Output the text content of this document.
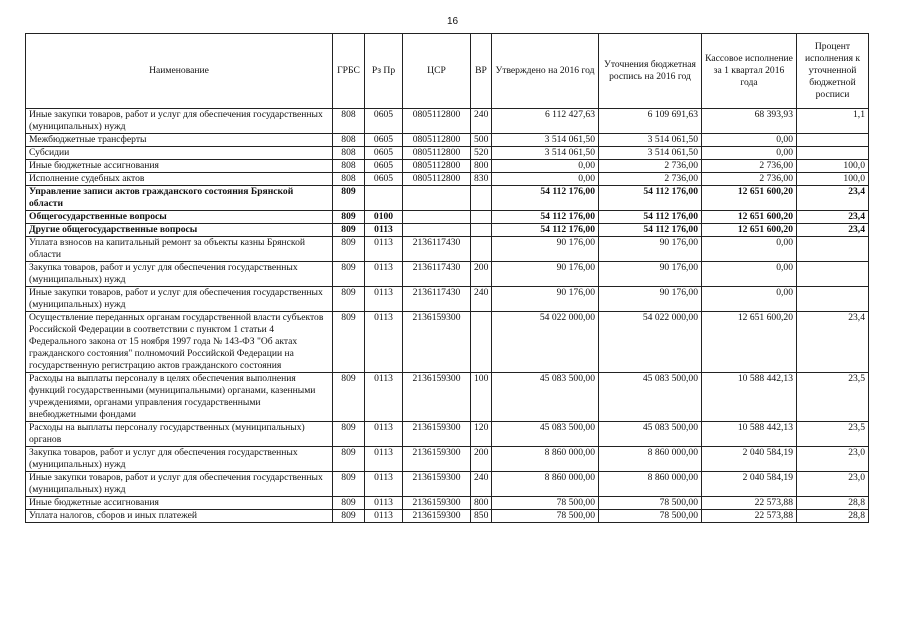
16
Наименование	ГРБС	Рз Пр	ЦСР	ВР	Утверждено на 2016 год	Уточнения бюджетная роспись на 2016 год	Кассовое исполнение за 1 квартал 2016 года	Процент исполнения к уточненной бюджетной росписи
Иные закупки товаров, работ и услуг для обеспечения государственных (муниципальных) нужд	808	0605	0805112800	240	6 112 427,63	6 109 691,63	68 393,93	1,1
Межбюджетные трансферты	808	0605	0805112800	500	3 514 061,50	3 514 061,50	0,00	
Субсидии	808	0605	0805112800	520	3 514 061,50	3 514 061,50	0,00	
Иные бюджетные ассигнования	808	0605	0805112800	800	0,00	2 736,00	2 736,00	100,0
Исполнение судебных актов	808	0605	0805112800	830	0,00	2 736,00	2 736,00	100,0
Управление записи актов гражданского состояния Брянской области	809				54 112 176,00	54 112 176,00	12 651 600,20	23,4
Общегосударственные вопросы	809	0100			54 112 176,00	54 112 176,00	12 651 600,20	23,4
Другие общегосударственные вопросы	809	0113			54 112 176,00	54 112 176,00	12 651 600,20	23,4
Уплата взносов на капитальный ремонт за объекты казны Брянской области	809	0113	2136117430		90 176,00	90 176,00	0,00	
Закупка товаров, работ и услуг для обеспечения государственных (муниципальных) нужд	809	0113	2136117430	200	90 176,00	90 176,00	0,00	
Иные закупки товаров, работ и услуг для обеспечения государственных (муниципальных) нужд	809	0113	2136117430	240	90 176,00	90 176,00	0,00	
Осуществление переданных органам государственной власти субъектов Российской Федерации в соответствии с пунктом 1 статьи 4 Федерального закона от 15 ноября 1997 года № 143-ФЗ "Об актах гражданского состояния" полномочий Российской Федерации на государственную регистрацию актов гражданского состояния	809	0113	2136159300		54 022 000,00	54 022 000,00	12 651 600,20	23,4
Расходы на выплаты персоналу в целях обеспечения выполнения функций государственными (муниципальными) органами, казенными учреждениями, органами управления государственными внебюджетными фондами	809	0113	2136159300	100	45 083 500,00	45 083 500,00	10 588 442,13	23,5
Расходы на выплаты персоналу государственных (муниципальных) органов	809	0113	2136159300	120	45 083 500,00	45 083 500,00	10 588 442,13	23,5
Закупка товаров, работ и услуг для обеспечения государственных (муниципальных) нужд	809	0113	2136159300	200	8 860 000,00	8 860 000,00	2 040 584,19	23,0
Иные закупки товаров, работ и услуг для обеспечения государственных (муниципальных) нужд	809	0113	2136159300	240	8 860 000,00	8 860 000,00	2 040 584,19	23,0
Иные бюджетные ассигнования	809	0113	2136159300	800	78 500,00	78 500,00	22 573,88	28,8
Уплата налогов, сборов и иных платежей	809	0113	2136159300	850	78 500,00	78 500,00	22 573,88	28,8
